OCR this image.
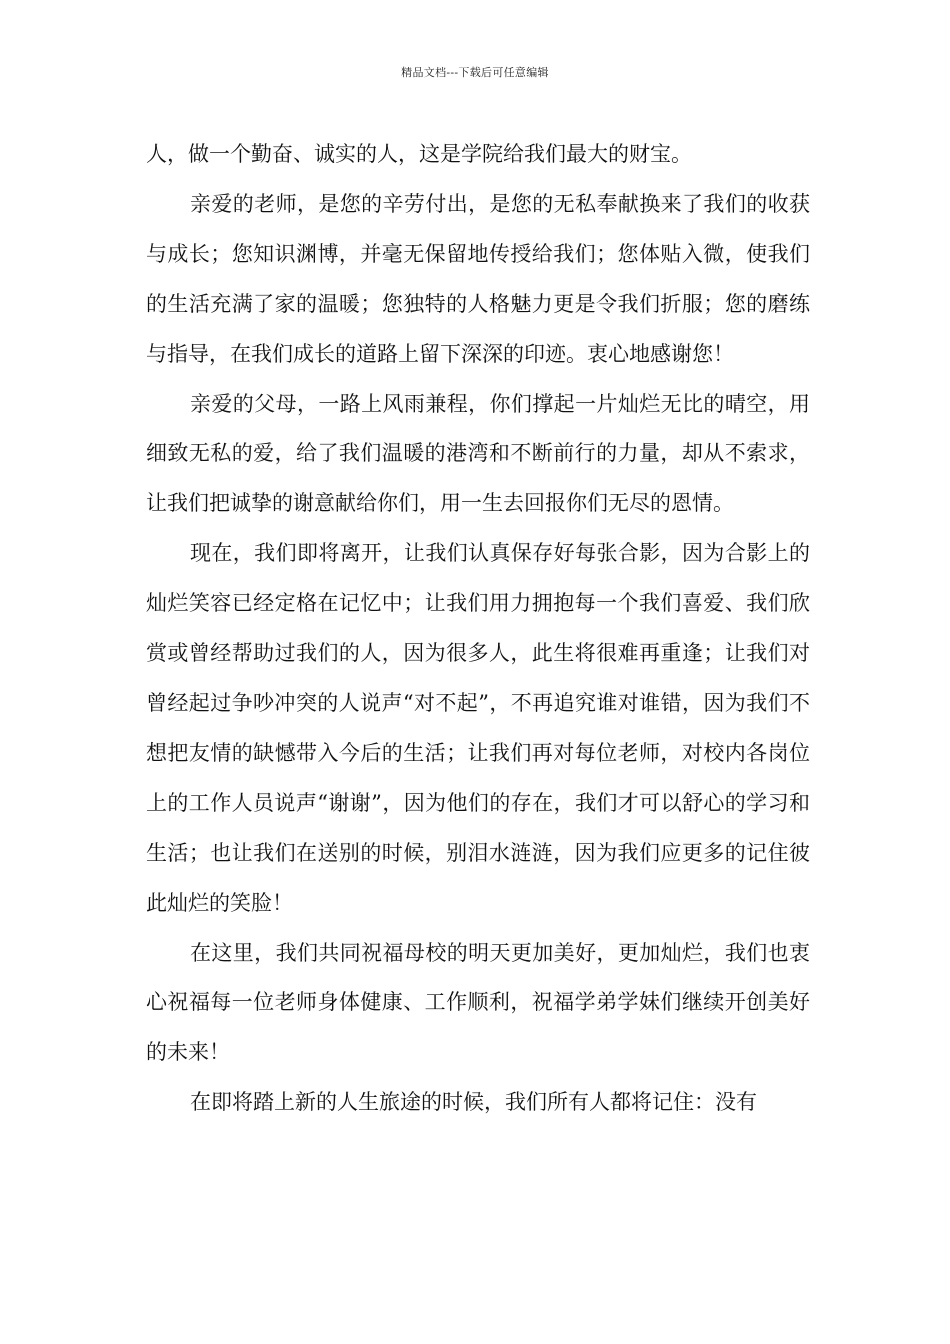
精品文档---下载后可任意编辑

人，做一个勤奋、诚实的人，这是学院给我们最大的财宝。

亲爱的老师，是您的辛劳付出，是您的无私奉献换来了我们的收获与成长；您知识渊博，并毫无保留地传授给我们；您体贴入微，使我们的生活充满了家的温暖；您独特的人格魅力更是令我们折服；您的磨练与指导，在我们成长的道路上留下深深的印迹。衷心地感谢您！

亲爱的父母，一路上风雨兼程，你们撑起一片灿烂无比的晴空，用细致无私的爱，给了我们温暖的港湾和不断前行的力量，却从不索求，让我们把诚挚的谢意献给你们，用一生去回报你们无尽的恩情。

现在，我们即将离开，让我们认真保存好每张合影，因为合影上的灿烂笑容已经定格在记忆中；让我们用力拥抱每一个我们喜爱、我们欣赏或曾经帮助过我们的人，因为很多人，此生将很难再重逢；让我们对曾经起过争吵冲突的人说声“对不起”，不再追究谁对谁错，因为我们不想把友情的缺憾带入今后的生活；让我们再对每位老师，对校内各岗位上的工作人员说声“谢谢”，因为他们的存在，我们才可以舒心的学习和生活；也让我们在送别的时候，别泪水涟涟，因为我们应更多的记住彼此灿烂的笑脸！

在这里，我们共同祝福母校的明天更加美好，更加灿烂，我们也衷心祝福每一位老师身体健康、工作顺利，祝福学弟学妹们继续开创美好的未来！

在即将踏上新的人生旅途的时候，我们所有人都将记住：没有
